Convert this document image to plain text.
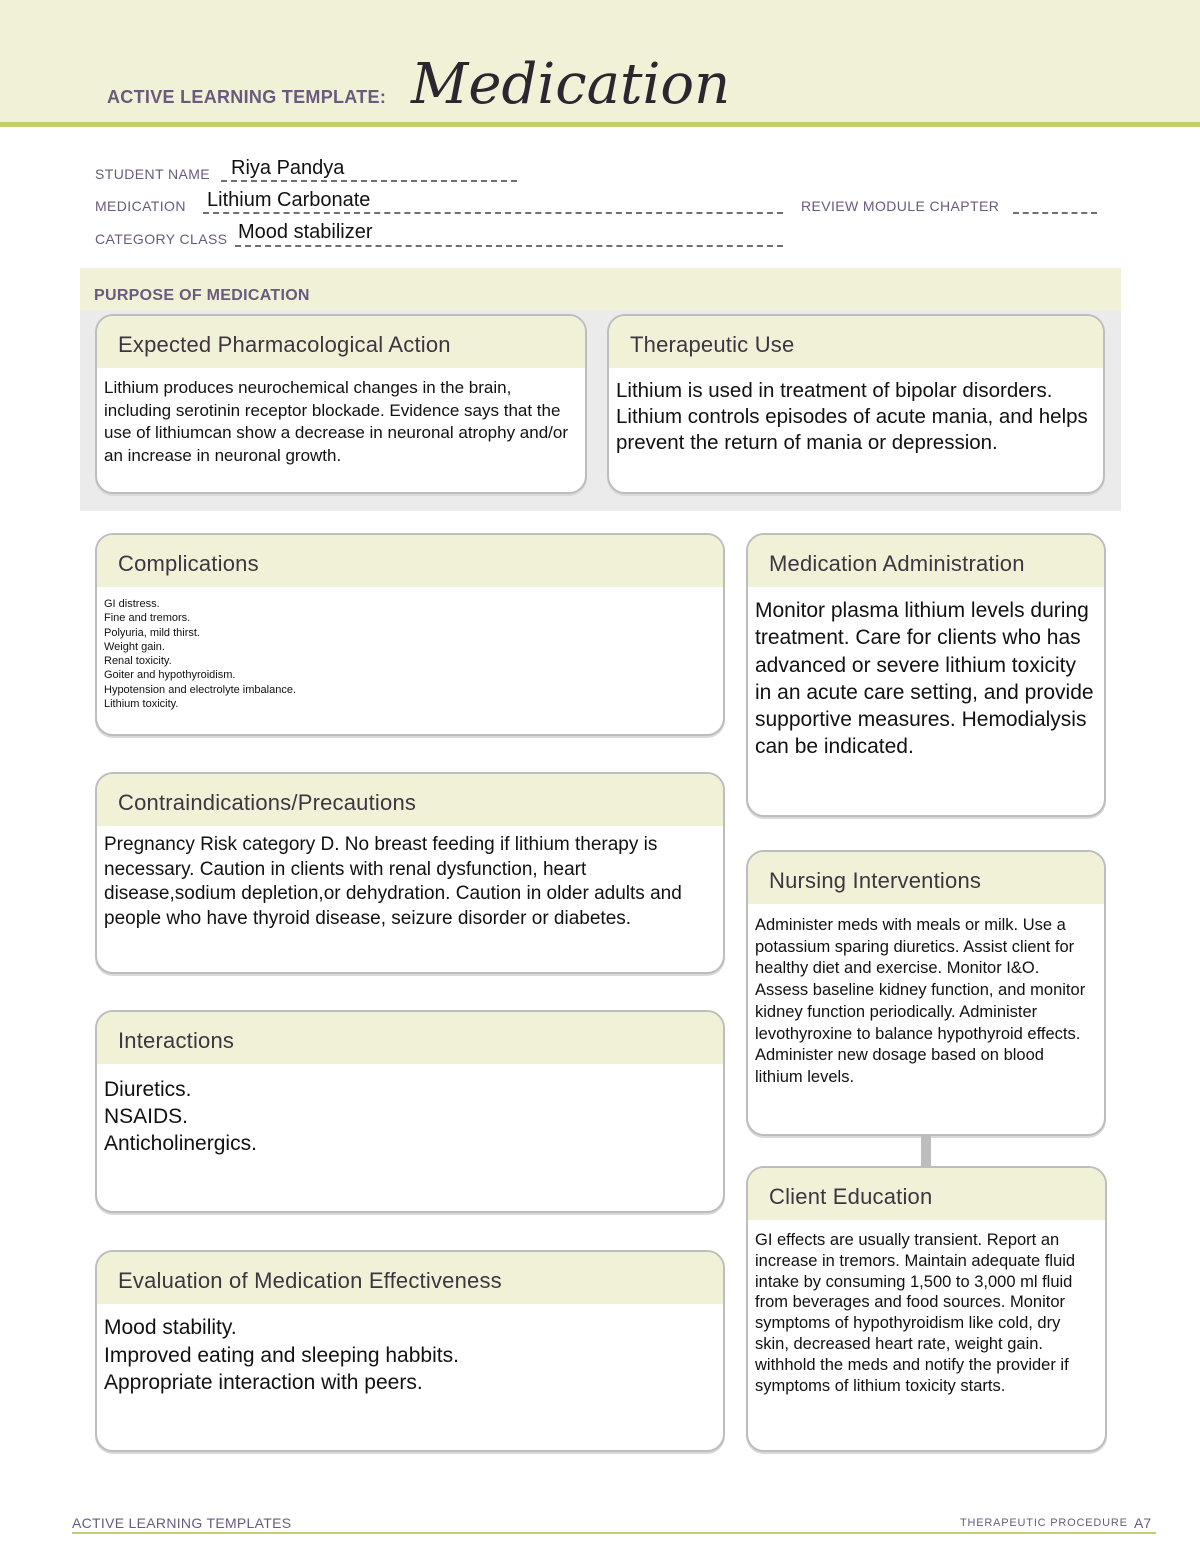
ACTIVE LEARNING TEMPLATE: Medication
STUDENT NAME Riya Pandya
MEDICATION Lithium Carbonate	REVIEW MODULE CHAPTER
CATEGORY CLASS Mood stabilizer
PURPOSE OF MEDICATION
Expected Pharmacological Action
Lithium produces neurochemical changes in the brain, including serotinin receptor blockade. Evidence says that the use of lithiumcan show a decrease in neuronal atrophy and/or an increase in neuronal growth.
Therapeutic Use
Lithium is used in treatment of bipolar disorders. Lithium controls episodes of acute mania, and helps prevent the return of mania or depression.
Complications
GI distress.
Fine and tremors.
Polyuria, mild thirst.
Weight gain.
Renal toxicity.
Goiter and hypothyroidism.
Hypotension and electrolyte imbalance.
Lithium toxicity.
Contraindications/Precautions
Pregnancy Risk category D. No breast feeding if lithium therapy is necessary. Caution in clients with renal dysfunction, heart disease,sodium depletion,or dehydration. Caution in older adults and people who have thyroid disease, seizure disorder or diabetes.
Interactions
Diuretics.
NSAIDS.
Anticholinergics.
Evaluation of Medication Effectiveness
Mood stability.
Improved eating and sleeping habbits.
Appropriate interaction with peers.
Medication Administration
Monitor plasma lithium levels during treatment. Care for clients who has advanced or severe lithium toxicity in an acute care setting, and provide supportive measures. Hemodialysis can be indicated.
Nursing Interventions
Administer meds with meals or milk. Use a potassium sparing diuretics. Assist client for healthy diet and exercise. Monitor I&O. Assess baseline kidney function, and monitor kidney function periodically. Administer levothyroxine to balance hypothyroid effects. Administer new dosage based on blood lithium levels.
Client Education
GI effects are usually transient. Report an increase in tremors. Maintain adequate fluid intake by consuming 1,500 to 3,000 ml fluid from beverages and food sources. Monitor symptoms of hypothyroidism like cold, dry skin, decreased heart rate, weight gain. withhold the meds and notify the provider if symptoms of lithium toxicity starts.
ACTIVE LEARNING TEMPLATES	THERAPEUTIC PROCEDURE A7
